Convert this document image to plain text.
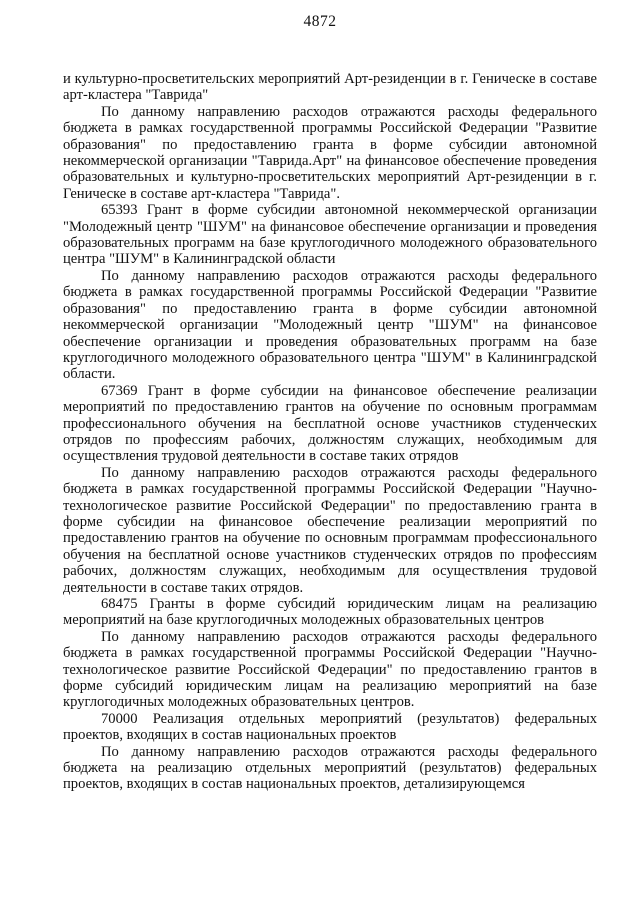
4872

и культурно-просветительских мероприятий Арт-резиденции в г. Геническе в составе арт-кластера "Таврида"

По данному направлению расходов отражаются расходы федерального бюджета в рамках государственной программы Российской Федерации "Развитие образования" по предоставлению гранта в форме субсидии автономной некоммерческой организации "Таврида.Арт" на финансовое обеспечение проведения образовательных и культурно-просветительских мероприятий Арт-резиденции в г. Геническе в составе арт-кластера "Таврида".

65393 Грант в форме субсидии автономной некоммерческой организации "Молодежный центр "ШУМ" на финансовое обеспечение организации и проведения образовательных программ на базе круглогодичного молодежного образовательного центра "ШУМ" в Калининградской области

По данному направлению расходов отражаются расходы федерального бюджета в рамках государственной программы Российской Федерации "Развитие образования" по предоставлению гранта в форме субсидии автономной некоммерческой организации "Молодежный центр "ШУМ" на финансовое обеспечение организации и проведения образовательных программ на базе круглогодичного молодежного образовательного центра "ШУМ" в Калининградской области.

67369 Грант в форме субсидии на финансовое обеспечение реализации мероприятий по предоставлению грантов на обучение по основным программам профессионального обучения на бесплатной основе участников студенческих отрядов по профессиям рабочих, должностям служащих, необходимым для осуществления трудовой деятельности в составе таких отрядов

По данному направлению расходов отражаются расходы федерального бюджета в рамках государственной программы Российской Федерации "Научно-технологическое развитие Российской Федерации" по предоставлению гранта в форме субсидии на финансовое обеспечение реализации мероприятий по предоставлению грантов на обучение по основным программам профессионального обучения на бесплатной основе участников студенческих отрядов по профессиям рабочих, должностям служащих, необходимым для осуществления трудовой деятельности в составе таких отрядов.

68475 Гранты в форме субсидий юридическим лицам на реализацию мероприятий на базе круглогодичных молодежных образовательных центров

По данному направлению расходов отражаются расходы федерального бюджета в рамках государственной программы Российской Федерации "Научно-технологическое развитие Российской Федерации" по предоставлению грантов в форме субсидий юридическим лицам на реализацию мероприятий на базе круглогодичных молодежных образовательных центров.

70000 Реализация отдельных мероприятий (результатов) федеральных проектов, входящих в состав национальных проектов

По данному направлению расходов отражаются расходы федерального бюджета на реализацию отдельных мероприятий (результатов) федеральных проектов, входящих в состав национальных проектов, детализирующемся
